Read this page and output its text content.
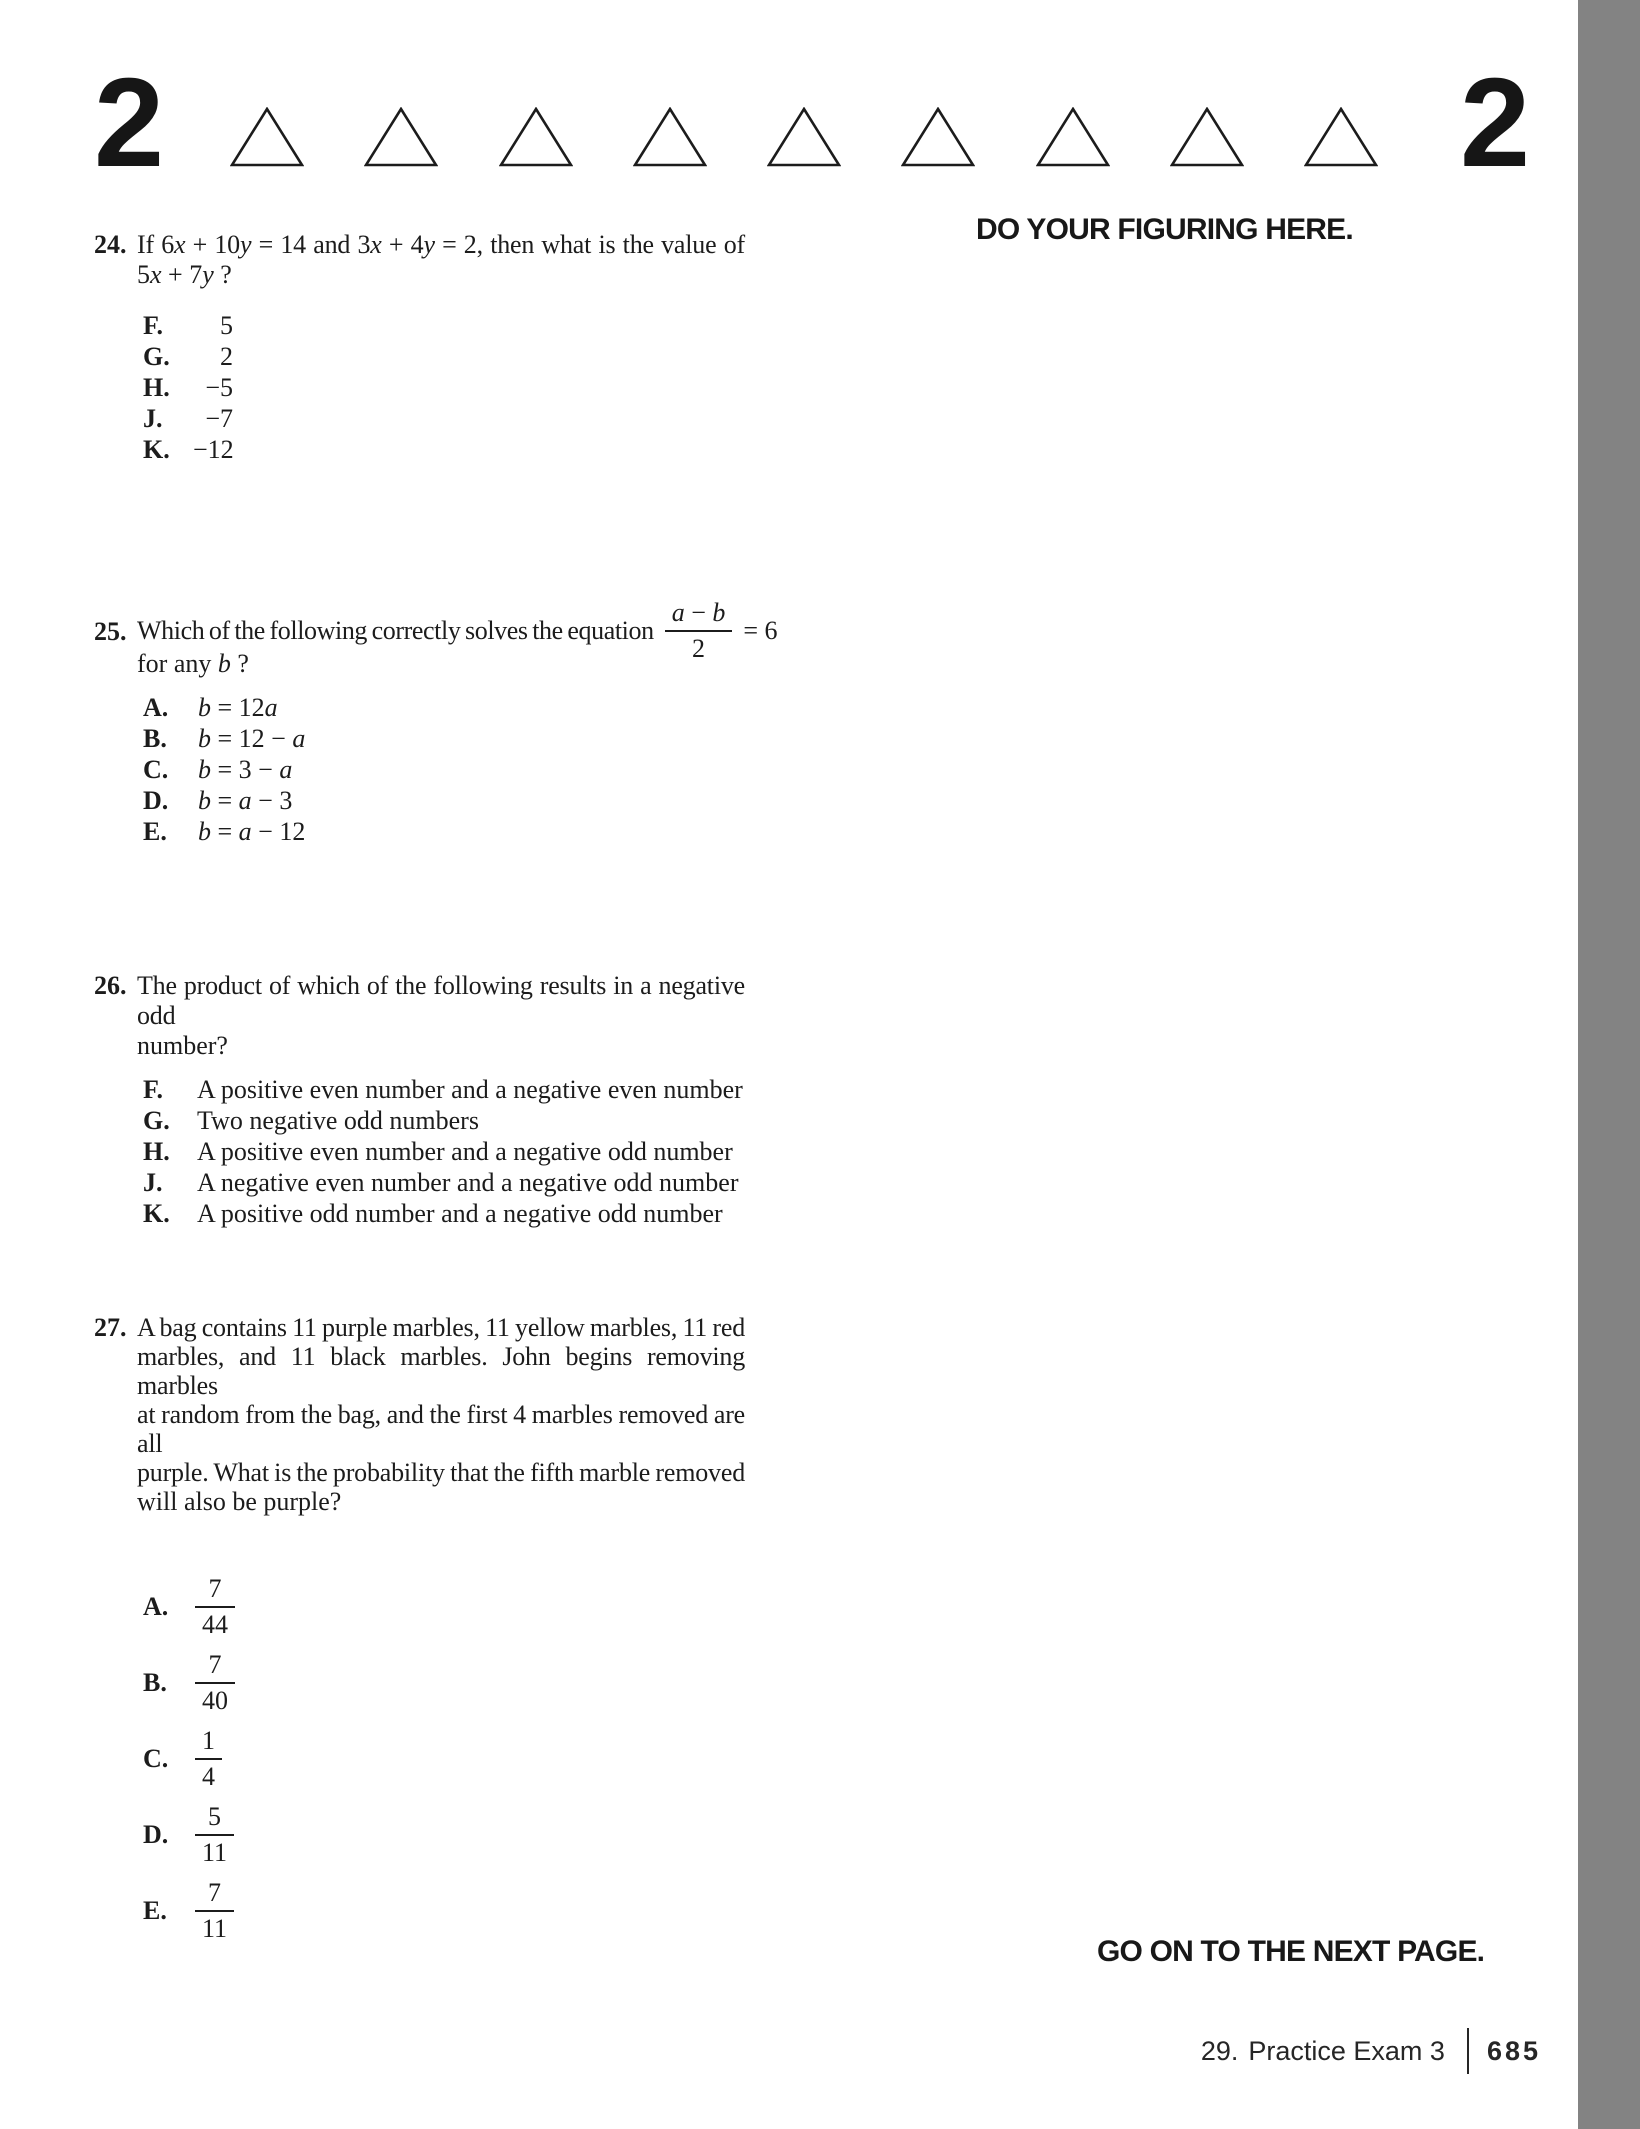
2	2
DO YOUR FIGURING HERE.
24. If 6x + 10y = 14 and 3x + 4y = 2, then what is the value of
5x + 7y ?
F. 5
G. 2
H. −5
J. −7
K. −12
25. Which of the following correctly solves the equation $\frac{a - b}{2} = 6$
for any b ?
A. b = 12a
B. b = 12 − a
C. b = 3 − a
D. b = a − 3
E. b = a − 12
26. The product of which of the following results in a negative odd
number?
F. A positive even number and a negative even number
G. Two negative odd numbers
H. A positive even number and a negative odd number
J. A negative even number and a negative odd number
K. A positive odd number and a negative odd number
27. A bag contains 11 purple marbles, 11 yellow marbles, 11 red
marbles, and 11 black marbles. John begins removing marbles
at random from the bag, and the first 4 marbles removed are all
purple. What is the probability that the fifth marble removed
will also be purple?
A.	$\frac{7}{44}$
B.	$\frac{7}{40}$
C.	$\frac{1}{4}$
D.	$\frac{5}{11}$
E.	$\frac{7}{11}$
GO ON TO THE NEXT PAGE.
29. Practice Exam 3 685
